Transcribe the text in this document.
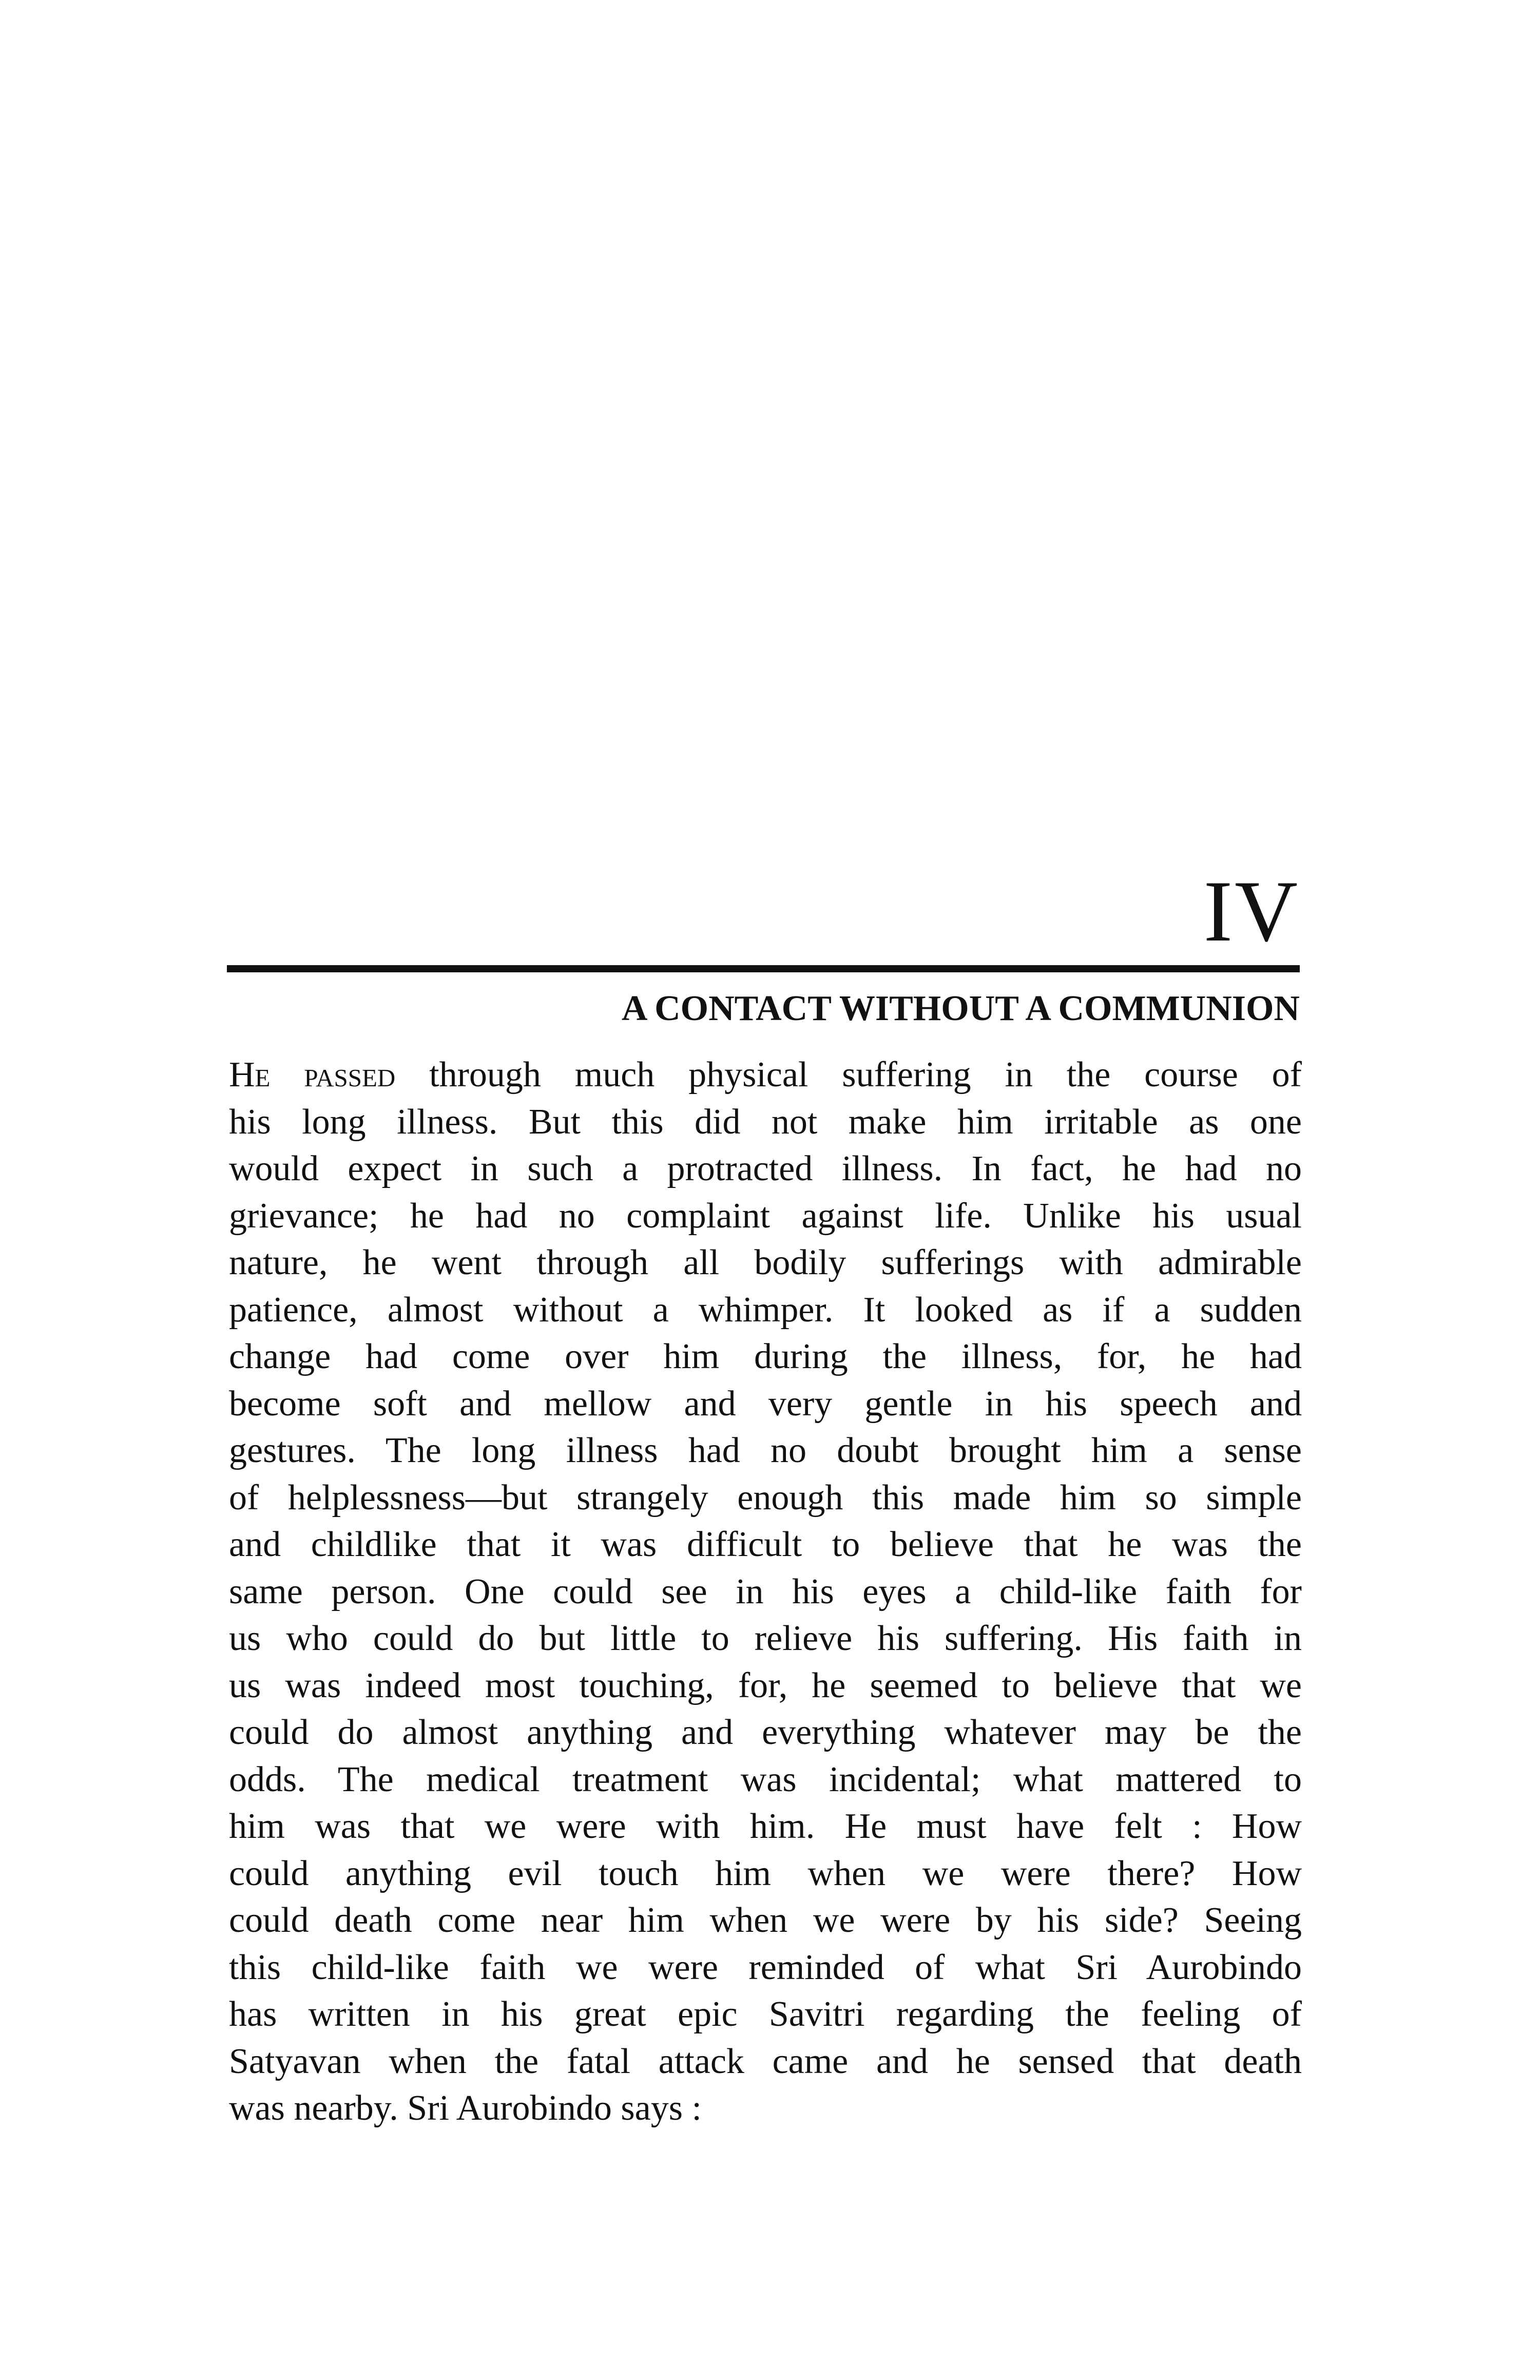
IV
A CONTACT WITHOUT A COMMUNION
He passed through much physical suffering in the course of
his long illness. But this did not make him irritable as one
would expect in such a protracted illness. In fact, he had no
grievance; he had no complaint against life. Unlike his usual
nature, he went through all bodily sufferings with admirable
patience, almost without a whimper. It looked as if a sudden
change had come over him during the illness, for, he had
become soft and mellow and very gentle in his speech and
gestures. The long illness had no doubt brought him a sense
of helplessness—but strangely enough this made him so simple
and childlike that it was difficult to believe that he was the
same person. One could see in his eyes a child-like faith for
us who could do but little to relieve his suffering. His faith in
us was indeed most touching, for, he seemed to believe that we
could do almost anything and everything whatever may be the
odds. The medical treatment was incidental; what mattered to
him was that we were with him. He must have felt : How
could anything evil touch him when we were there? How
could death come near him when we were by his side? Seeing
this child-like faith we were reminded of what Sri Aurobindo
has written in his great epic Savitri regarding the feeling of
Satyavan when the fatal attack came and he sensed that death
was nearby. Sri Aurobindo says :
